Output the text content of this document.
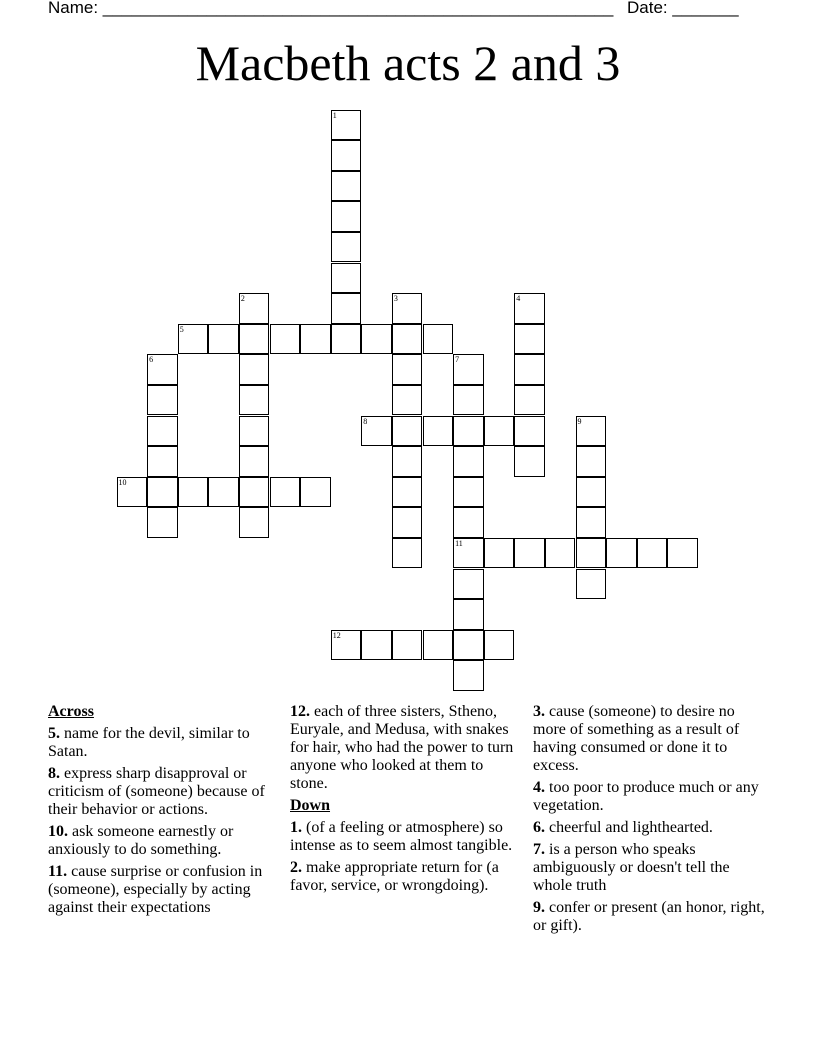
Name: ______________________________________________________ Date: _______
Macbeth acts 2 and 3
1
2	3	4
5
6	7
11
8	9
10
12
Across
5. name for the devil, similar to Satan.
8. express sharp disapproval or criticism of (someone) because of their behavior or actions.
10. ask someone earnestly or anxiously to do something.
11. cause surprise or confusion in (someone), especially by acting against their expectations
12. each of three sisters, Stheno, Euryale, and Medusa, with snakes for hair, who had the power to turn anyone who looked at them to stone.
Down
1. (of a feeling or atmosphere) so intense as to seem almost tangible.
2. make appropriate return for (a favor, service, or wrongdoing).
3. cause (someone) to desire no more of something as a result of having consumed or done it to excess.
4. too poor to produce much or any vegetation.
6. cheerful and lighthearted.
7. is a person who speaks ambiguously or doesn't tell the whole truth
9. confer or present (an honor, right, or gift).
